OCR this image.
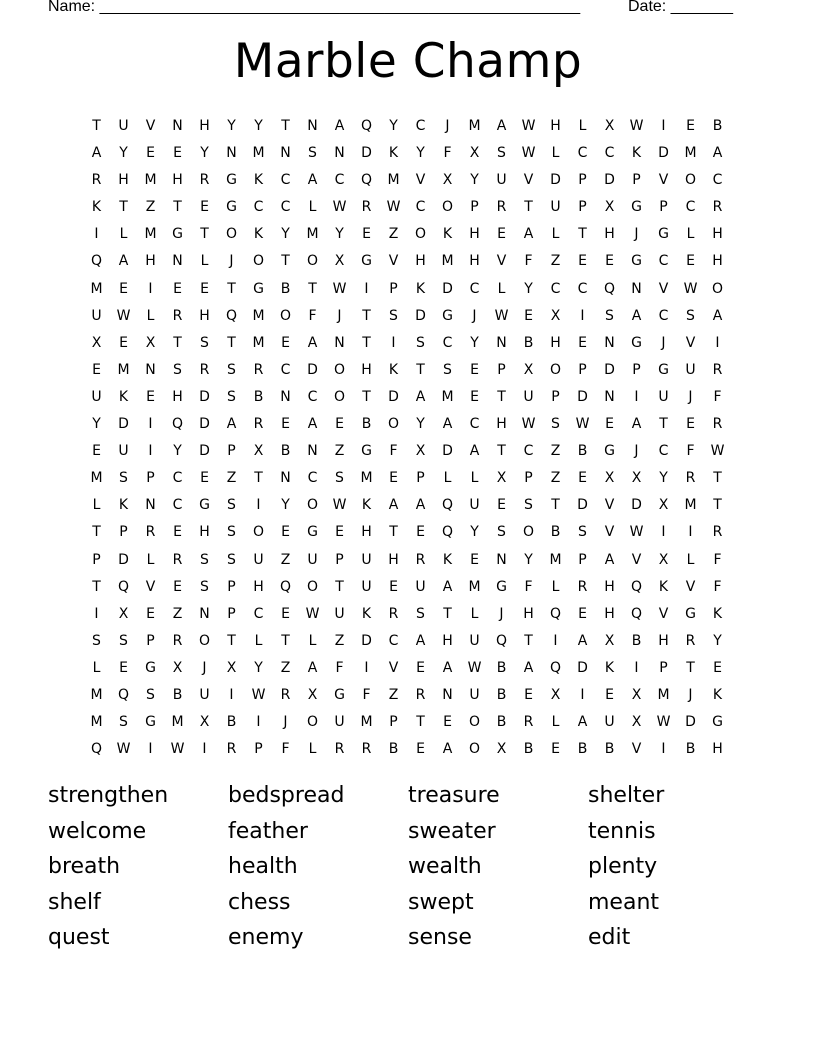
Name: ______________________________________________________

	Date: _______

Marble Champ
T	U	V	N	H	Y	Y	T	N	A	Q	Y	C	J	M	A	W	H	L	X	W	I	E	B
A	Y	E	E	Y	N	M	N	S	N	D	K	Y	F	X	S	W	L	C	C	K	D	M	A
R	H	M	H	R	G	K	C	A	C	Q	M	V	X	Y	U	V	D	P	D	P	V	O	C
K	T	Z	T	E	G	C	C	L	W	R	W	C	O	P	R	T	U	P	X	G	P	C	R
I	L	M	G	T	O	K	Y	M	Y	E	Z	O	K	H	E	A	L	T	H	J	G	L	H
Q	A	H	N	L	J	O	T	O	X	G	V	H	M	H	V	F	Z	E	E	G	C	E	H
M	E	I	E	E	T	G	B	T	W	I	P	K	D	C	L	Y	C	C	Q	N	V	W	O
U	W	L	R	H	Q	M	O	F	J	T	S	D	G	J	W	E	X	I	S	A	C	S	A
X	E	X	T	S	T	M	E	A	N	T	I	S	C	Y	N	B	H	E	N	G	J	V	I
E	M	N	S	R	S	R	C	D	O	H	K	T	S	E	P	X	O	P	D	P	G	U	R
U	K	E	H	D	S	B	N	C	O	T	D	A	M	E	T	U	P	D	N	I	U	J	F
Y	D	I	Q	D	A	R	E	A	E	B	O	Y	A	C	H	W	S	W	E	A	T	E	R
E	U	I	Y	D	P	X	B	N	Z	G	F	X	D	A	T	C	Z	B	G	J	C	F	W
M	S	P	C	E	Z	T	N	C	S	M	E	P	L	L	X	P	Z	E	X	X	Y	R	T
L	K	N	C	G	S	I	Y	O	W	K	A	A	Q	U	E	S	T	D	V	D	X	M	T
T	P	R	E	H	S	O	E	G	E	H	T	E	Q	Y	S	O	B	S	V	W	I	I	R
P	D	L	R	S	S	U	Z	U	P	U	H	R	K	E	N	Y	M	P	A	V	X	L	F
T	Q	V	E	S	P	H	Q	O	T	U	E	U	A	M	G	F	L	R	H	Q	K	V	F
I	X	E	Z	N	P	C	E	W	U	K	R	S	T	L	J	H	Q	E	H	Q	V	G	K
S	S	P	R	O	T	L	T	L	Z	D	C	A	H	U	Q	T	I	A	X	B	H	R	Y
L	E	G	X	J	X	Y	Z	A	F	I	V	E	A	W	B	A	Q	D	K	I	P	T	E
M	Q	S	B	U	I	W	R	X	G	F	Z	R	N	U	B	E	X	I	E	X	M	J	K
M	S	G	M	X	B	I	J	O	U	M	P	T	E	O	B	R	L	A	U	X	W	D	G
Q	W	I	W	I	R	P	F	L	R	R	B	E	A	O	X	B	E	B	B	V	I	B	H
strengthen	bedspread	treasure	shelter
welcome	feather	sweater	tennis
breath	health	wealth	plenty
shelf	chess	swept	meant
quest	enemy	sense	edit
